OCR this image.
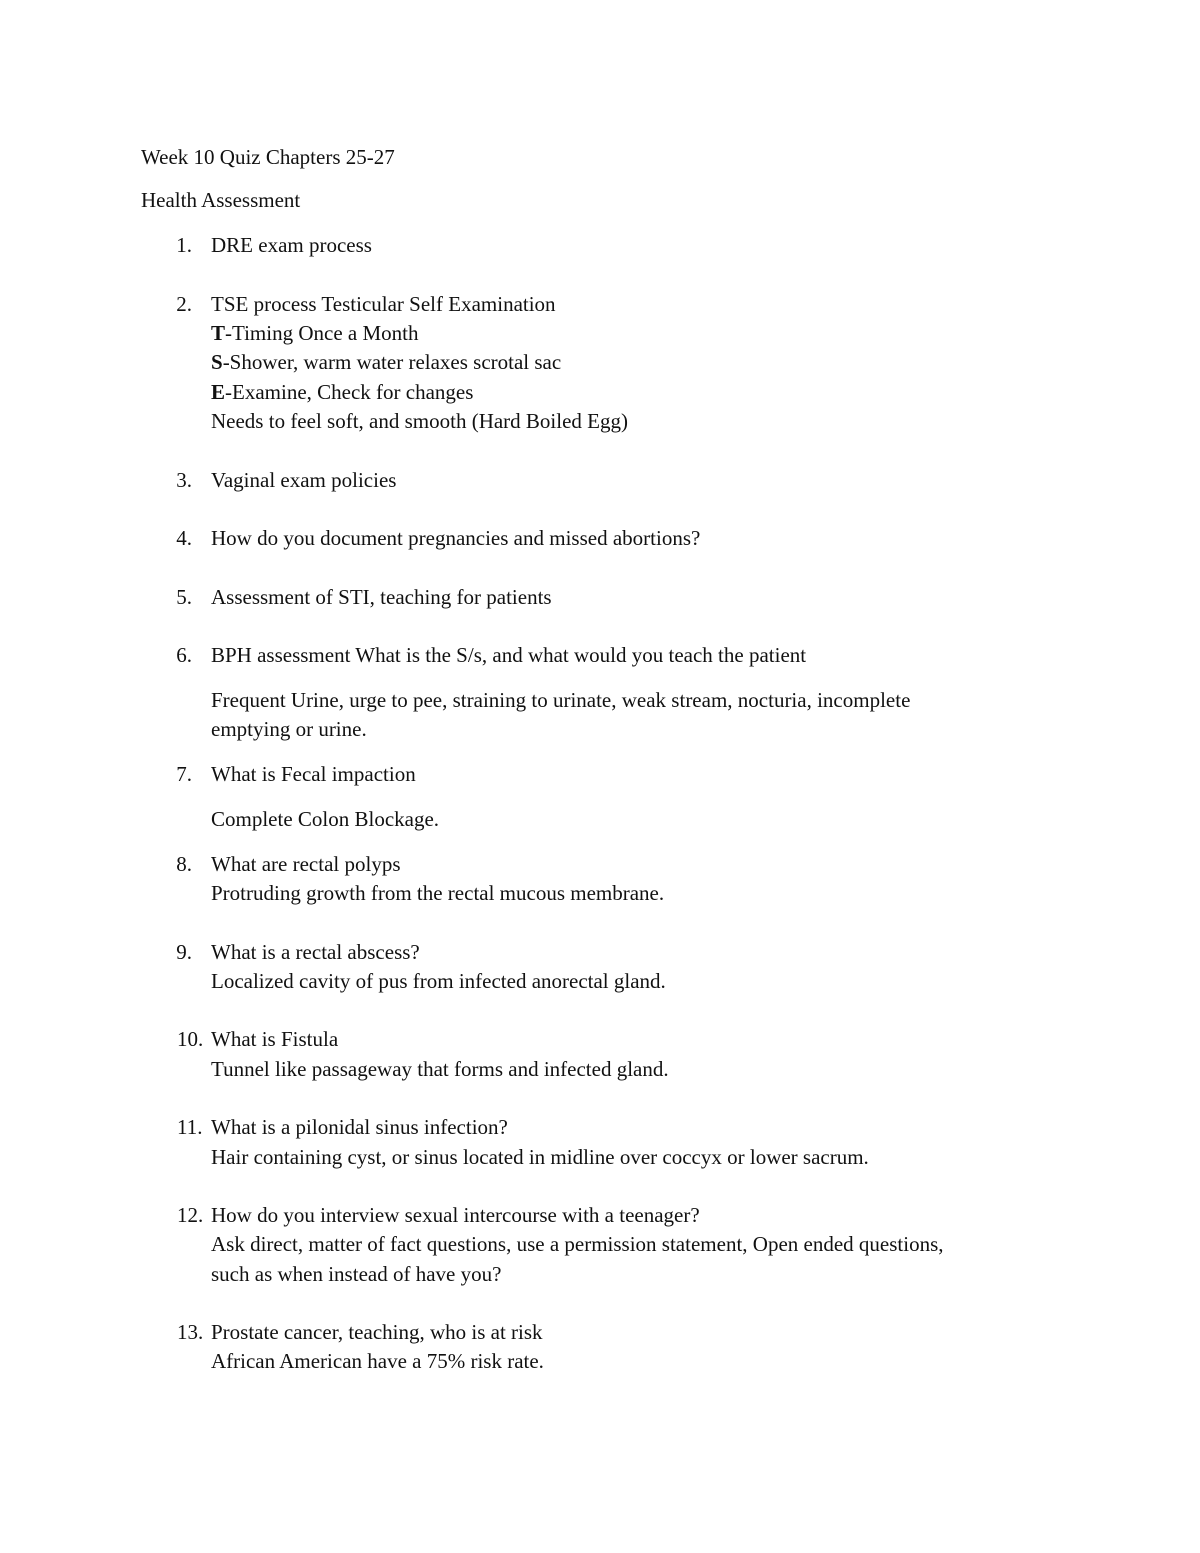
Week 10 Quiz Chapters 25-27
Health Assessment
1. DRE exam process
2. TSE process Testicular Self Examination
T-Timing Once a Month
S-Shower, warm water relaxes scrotal sac
E-Examine, Check for changes
Needs to feel soft, and smooth (Hard Boiled Egg)
3. Vaginal exam policies
4. How do you document pregnancies and missed abortions?
5. Assessment of STI, teaching for patients
6. BPH assessment What is the S/s, and what would you teach the patient
Frequent Urine, urge to pee, straining to urinate, weak stream, nocturia, incomplete
emptying or urine.
7. What is Fecal impaction
Complete Colon Blockage.
8. What are rectal polyps
Protruding growth from the rectal mucous membrane.
9. What is a rectal abscess?
Localized cavity of pus from infected anorectal gland.
10. What is Fistula
Tunnel like passageway that forms and infected gland.
11. What is a pilonidal sinus infection?
Hair containing cyst, or sinus located in midline over coccyx or lower sacrum.
12. How do you interview sexual intercourse with a teenager?
Ask direct, matter of fact questions, use a permission statement, Open ended questions,
such as when instead of have you?
13. Prostate cancer, teaching, who is at risk
African American have a 75% risk rate.
